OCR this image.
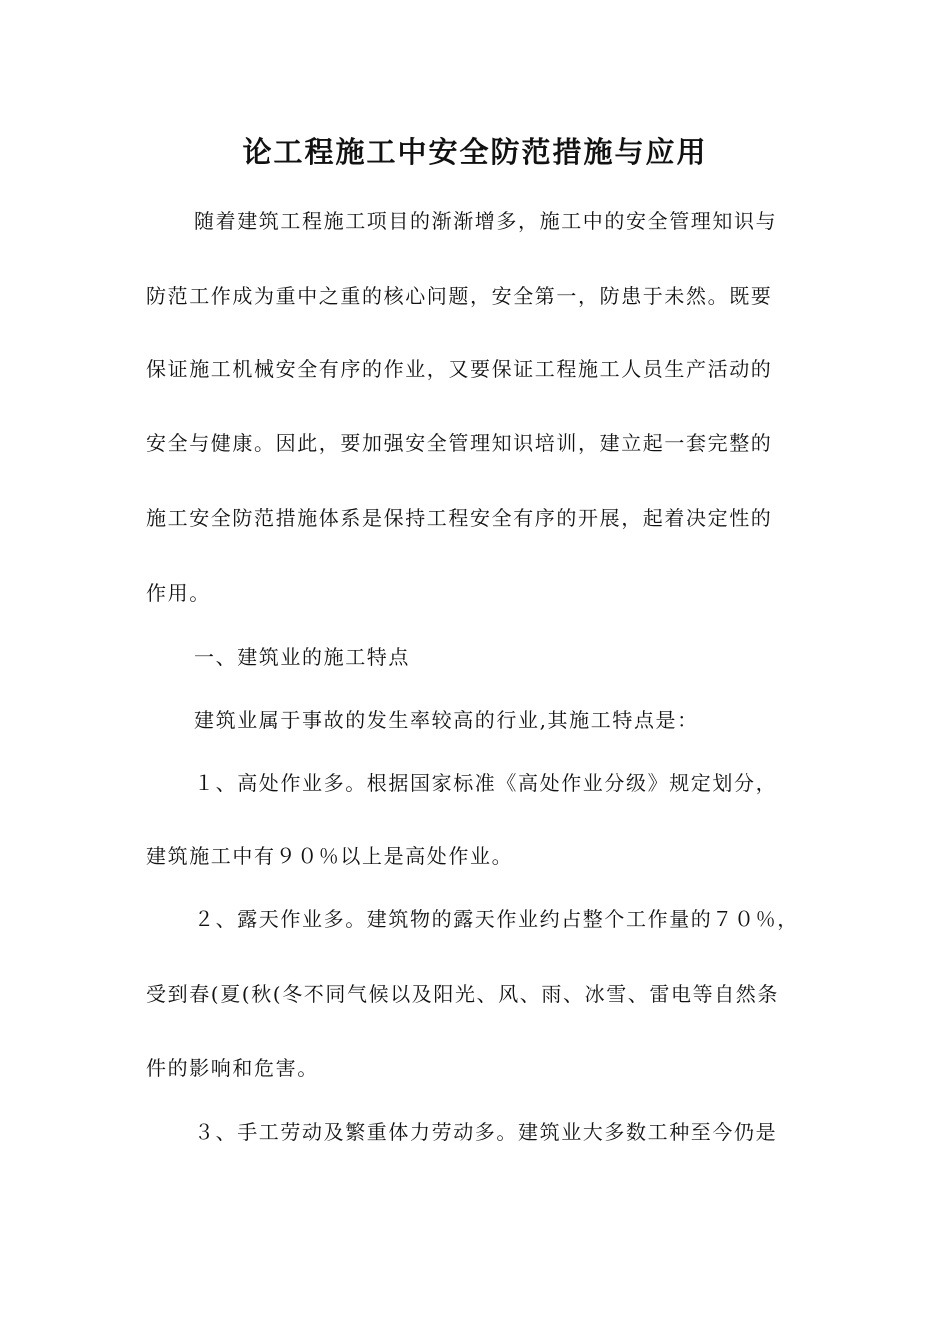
论工程施工中安全防范措施与应用
随着建筑工程施工项目的渐渐增多，施工中的安全管理知识与
防范工作成为重中之重的核心问题，安全第一，防患于未然。既要
保证施工机械安全有序的作业，又要保证工程施工人员生产活动的
安全与健康。因此，要加强安全管理知识培训，建立起一套完整的
施工安全防范措施体系是保持工程安全有序的开展，起着决定性的
作用。
一、建筑业的施工特点
建筑业属于事故的发生率较高的行业,其施工特点是：
１、高处作业多。根据国家标准《高处作业分级》规定划分，
建筑施工中有９０％以上是高处作业。
２、露天作业多。建筑物的露天作业约占整个工作量的７０％，
受到春(夏(秋(冬不同气候以及阳光、风、雨、冰雪、雷电等自然条
件的影响和危害。
３、手工劳动及繁重体力劳动多。建筑业大多数工种至今仍是
